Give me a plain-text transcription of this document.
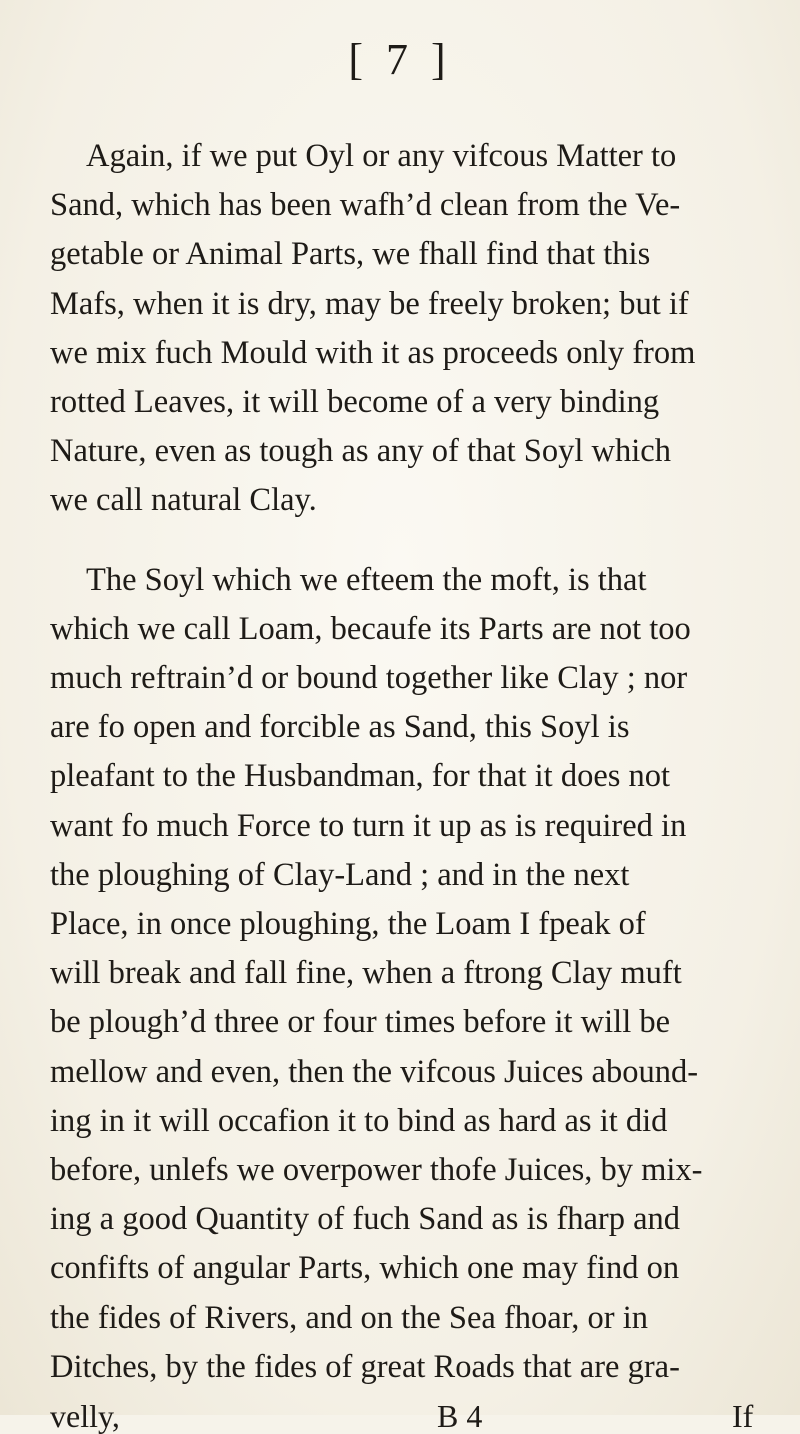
[ 7 ]
Again, if we put Oyl or any vifcous Matter to
Sand, which has been wafh’d clean from the Ve-
getable or Animal Parts, we fhall find that this
Mafs, when it is dry, may be freely broken; but if
we mix fuch Mould with it as proceeds only from
rotted Leaves, it will become of a very binding
Nature, even as tough as any of that Soyl which
we call natural Clay.
The Soyl which we efteem the moft, is that
which we call Loam, becaufe its Parts are not too
much reftrain’d or bound together like Clay ; nor
are fo open and forcible as Sand, this Soyl is
pleafant to the Husbandman, for that it does not
want fo much Force to turn it up as is required in
the ploughing of Clay-Land ; and in the next
Place, in once ploughing, the Loam I fpeak of
will break and fall fine, when a ftrong Clay muft
be plough’d three or four times before it will be
mellow and even, then the vifcous Juices abound-
ing in it will occafion it to bind as hard as it did
before, unlefs we overpower thofe Juices, by mix-
ing a good Quantity of fuch Sand as is fharp and
confifts of angular Parts, which one may find on
the fides of Rivers, and on the Sea fhoar, or in
Ditches, by the fides of great Roads that are gra-
velly,	B 4	If
